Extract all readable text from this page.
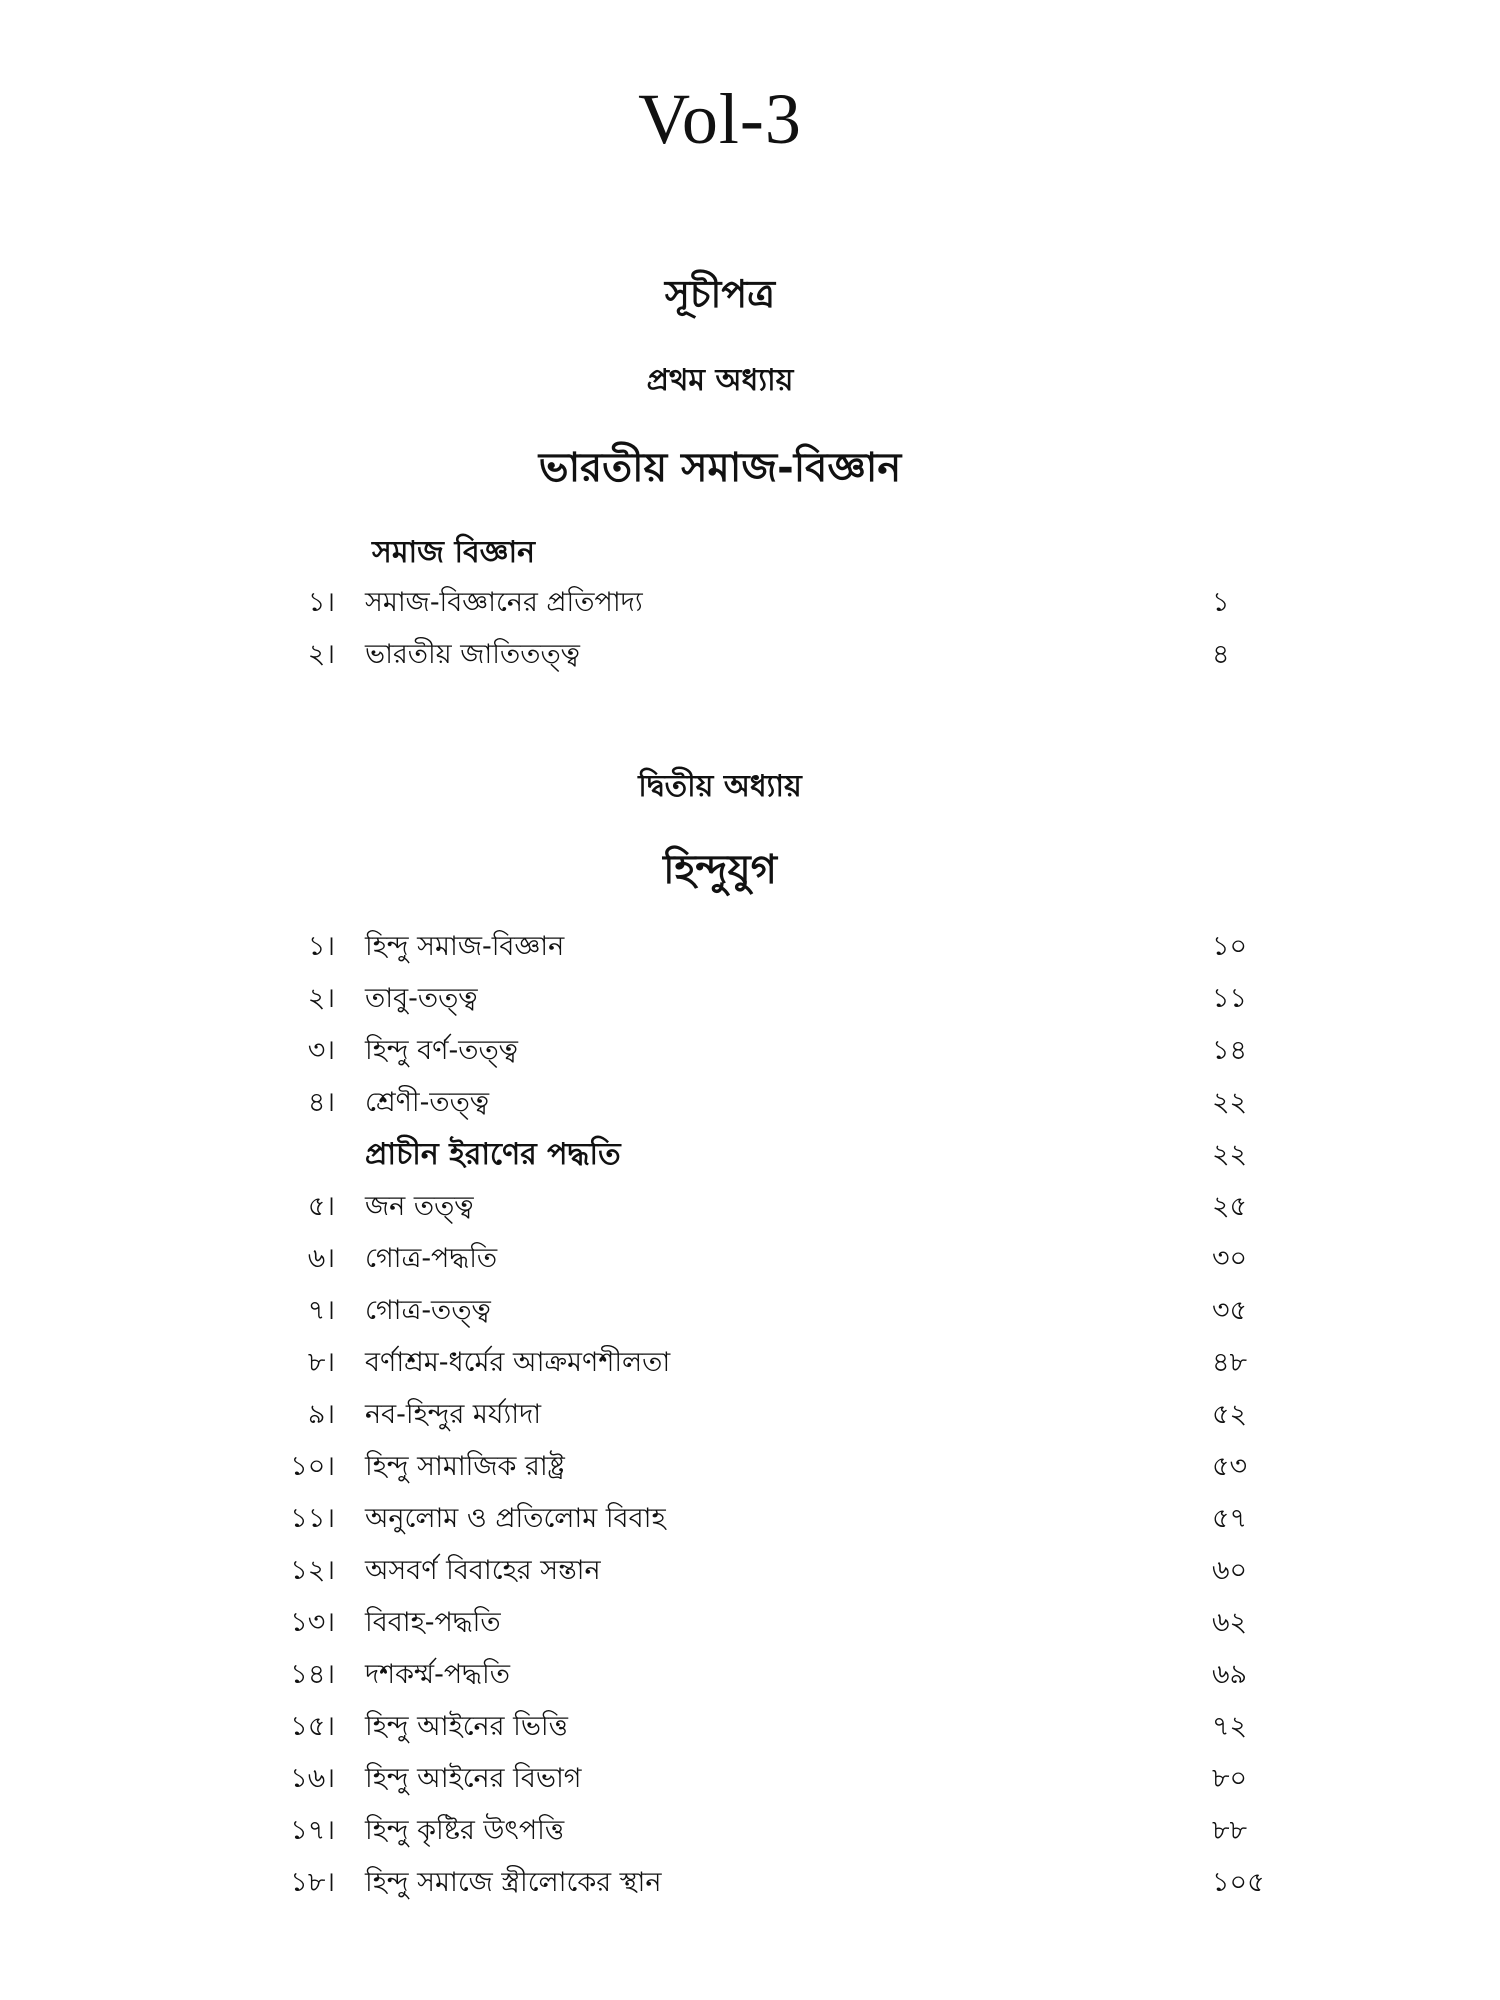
Vol-3
সূচীপত্র
প্রথম অধ্যায়
ভারতীয় সমাজ-বিজ্ঞান
সমাজ বিজ্ঞান
১। সমাজ-বিজ্ঞানের প্রতিপাদ্য	১
২। ভারতীয় জাতিতত্ত্ব	৪
দ্বিতীয় অধ্যায়
হিন্দুযুগ
১। হিন্দু সমাজ-বিজ্ঞান	১০
২। তাবু-তত্ত্ব	১১
৩। হিন্দু বর্ণ-তত্ত্ব	১৪
৪। শ্রেণী-তত্ত্ব	২২
প্রাচীন ইরাণের পদ্ধতি	২২
৫। জন তত্ত্ব	২৫
৬। গোত্র-পদ্ধতি	৩০
৭। গোত্র-তত্ত্ব	৩৫
৮। বর্ণাশ্রম-ধর্মের আক্রমণশীলতা	৪৮
৯। নব-হিন্দুর মর্য্যাদা	৫২
১০। হিন্দু সামাজিক রাষ্ট্র	৫৩
১১। অনুলোম ও প্রতিলোম বিবাহ	৫৭
১২। অসবর্ণ বিবাহের সন্তান	৬০
১৩। বিবাহ-পদ্ধতি	৬২
১৪। দশকর্ম্ম-পদ্ধতি	৬৯
১৫। হিন্দু আইনের ভিত্তি	৭২
১৬। হিন্দু আইনের বিভাগ	৮০
১৭। হিন্দু কৃষ্টির উৎপত্তি	৮৮
১৮। হিন্দু সমাজে স্ত্রীলোকের স্থান	১০৫
